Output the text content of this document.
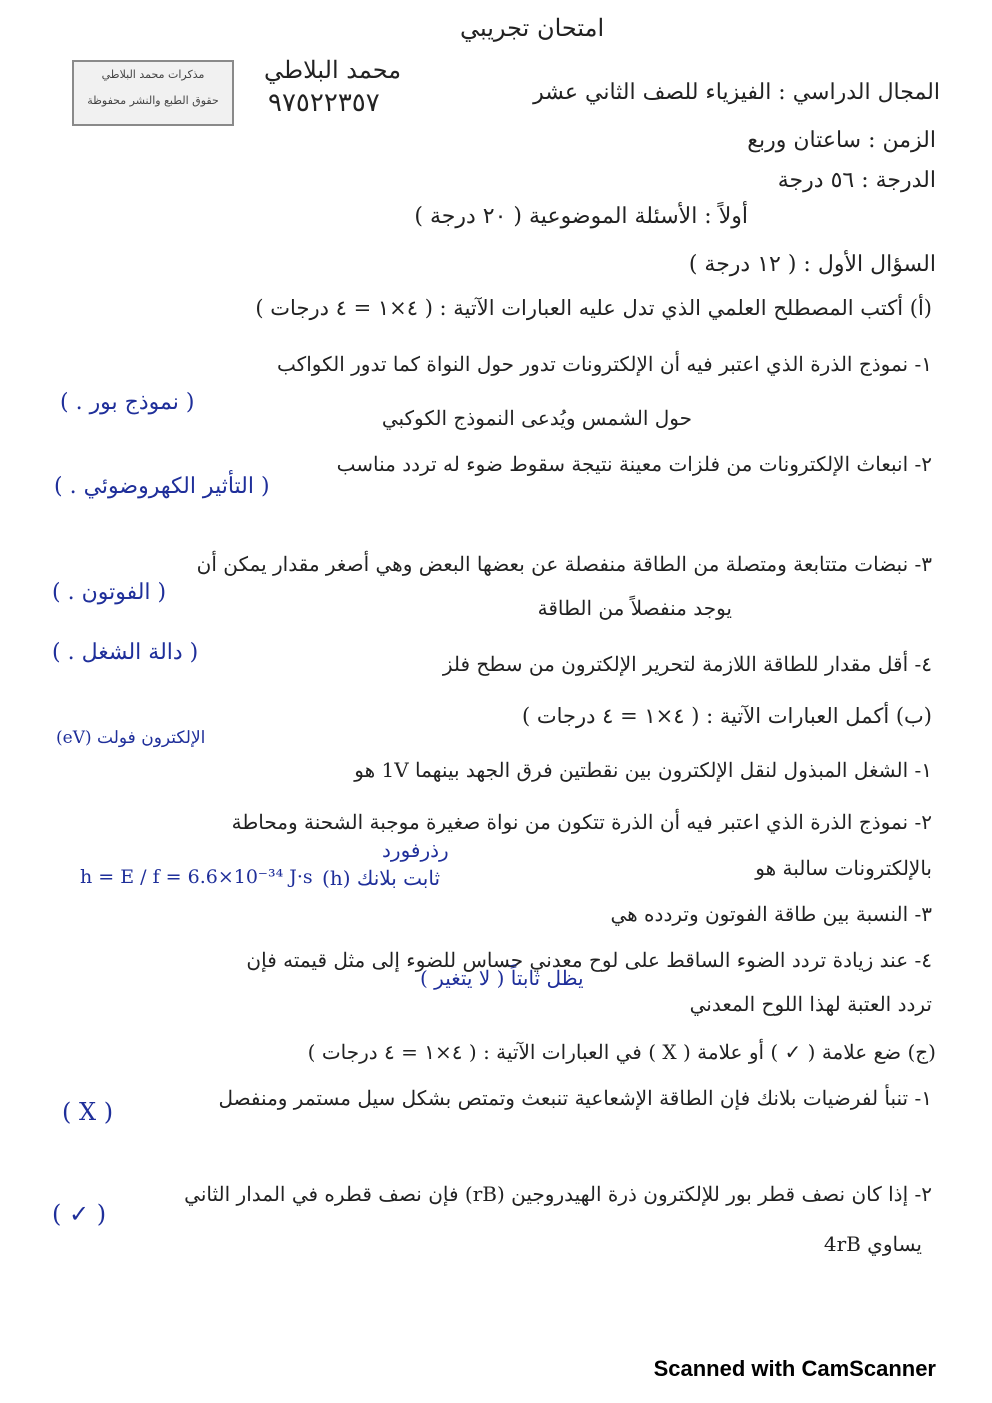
مذكرات محمد البلاطي
حقوق الطبع والنشر محفوظة
محمد البلاطي
٩٧٥٢٢٣٥٧
امتحان تجريبي
المجال الدراسي : الفيزياء للصف الثاني عشر
الزمن : ساعتان وربع
الدرجة : ٥٦ درجة
أولاً : الأسئلة الموضوعية ( ٢٠ درجة )
السؤال الأول : ( ١٢ درجة )
(أ) أكتب المصطلح العلمي الذي تدل عليه العبارات الآتية : ( ٤×١ = ٤ درجات )
١- نموذج الذرة الذي اعتبر فيه أن الإلكترونات تدور حول النواة كما تدور الكواكب
( نموذج بور . )
حول الشمس ويُدعى النموذج الكوكبي
٢- انبعاث الإلكترونات من فلزات معينة نتيجة سقوط ضوء له تردد مناسب
( التأثير الكهروضوئي . )
٣- نبضات متتابعة ومتصلة من الطاقة منفصلة عن بعضها البعض وهي أصغر مقدار يمكن أن
( الفوتون . )
يوجد منفصلاً من الطاقة
( دالة الشغل . )	٤- أقل مقدار للطاقة اللازمة لتحرير الإلكترون من سطح فلز
(ب) أكمل العبارات الآتية : ( ٤×١ = ٤ درجات )
الإلكترون فولت (eV)
١- الشغل المبذول لنقل الإلكترون بين نقطتين فرق الجهد بينهما 1V هو
٢- نموذج الذرة الذي اعتبر فيه أن الذرة تتكون من نواة صغيرة موجبة الشحنة ومحاطة
رذرفورد
بالإلكترونات سالبة هو
h = E / f = 6.6×10⁻³⁴ J·s ثابت بلانك (h)
٣- النسبة بين طاقة الفوتون وتردده هي
٤- عند زيادة تردد الضوء الساقط على لوح معدني حساس للضوء إلى مثل قيمته فإن
يظل ثابتاً ( لا يتغير )
تردد العتبة لهذا اللوح المعدني
(ج) ضع علامة ( ✓ ) أو علامة ( X ) في العبارات الآتية : ( ٤×١ = ٤ درجات )
١- تنبأ لفرضيات بلانك فإن الطاقة الإشعاعية تنبعث وتمتص بشكل سيل مستمر ومنفصل
( X )
٢- إذا كان نصف قطر بور للإلكترون ذرة الهيدروجين (rB) فإن نصف قطره في المدار الثاني
( ✓ )
يساوي 4rB
Scanned with CamScanner
